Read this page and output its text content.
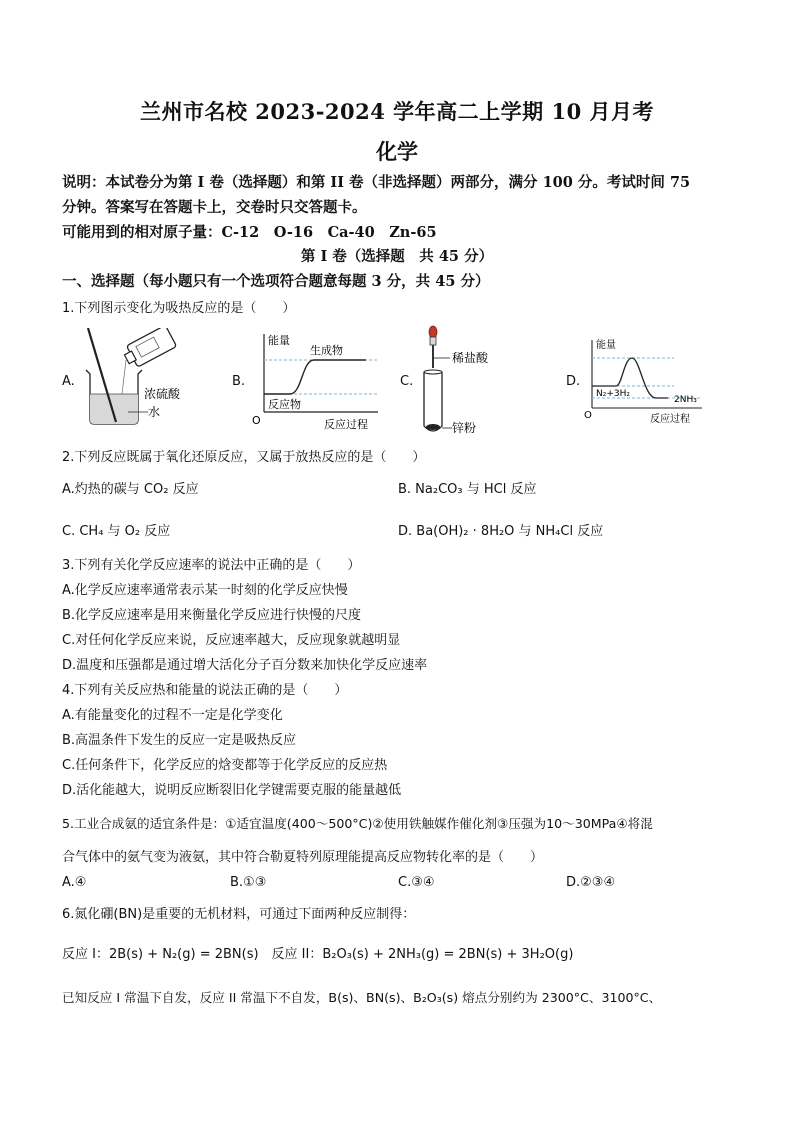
兰州市名校 2023-2024 学年高二上学期 10 月月考
化学
说明：本试卷分为第 I 卷（选择题）和第 II 卷（非选择题）两部分，满分 100 分。考试时间 75
分钟。答案写在答题卡上，交卷时只交答题卡。
可能用到的相对原子量：C-12　O-16　Ca-40　Zn-65
第 I 卷（选择题　共 45 分）
一、选择题（每小题只有一个选项符合题意每题 3 分，共 45 分）
1.下列图示变化为吸热反应的是（　　）
A.
浓硫酸
水
B.
能量
生成物
反应物
O	反应过程
C.
稀盐酸
锌粉
D.
能量
N₂+3H₂
2NH₃
O	反应过程
2.下列反应既属于氧化还原反应，又属于放热反应的是（　　）
A.灼热的碳与 CO₂ 反应	B. Na₂CO₃ 与 HCl 反应
C. CH₄ 与 O₂ 反应	D. Ba(OH)₂ · 8H₂O 与 NH₄Cl 反应
3.下列有关化学反应速率的说法中正确的是（　　）
A.化学反应速率通常表示某一时刻的化学反应快慢
B.化学反应速率是用来衡量化学反应进行快慢的尺度
C.对任何化学反应来说，反应速率越大，反应现象就越明显
D.温度和压强都是通过增大活化分子百分数来加快化学反应速率
4.下列有关反应热和能量的说法正确的是（　　）
A.有能量变化的过程不一定是化学变化
B.高温条件下发生的反应一定是吸热反应
C.任何条件下，化学反应的焓变都等于化学反应的反应热
D.活化能越大，说明反应断裂旧化学键需要克服的能量越低
5.工业合成氨的适宜条件是：①适宜温度(400～500°C)②使用铁触媒作催化剂③压强为10～30MPa④将混
合气体中的氨气变为液氨，其中符合勒夏特列原理能提高反应物转化率的是（　　）
A.④	B.①③	C.③④	D.②③④
6.氮化硼(BN)是重要的无机材料，可通过下面两种反应制得：
反应 I：2B(s) + N₂(g) = 2BN(s)　反应 II：B₂O₃(s) + 2NH₃(g) = 2BN(s) + 3H₂O(g)
已知反应 I 常温下自发，反应 II 常温下不自发，B(s)、BN(s)、B₂O₃(s) 熔点分别约为 2300°C、3100°C、
